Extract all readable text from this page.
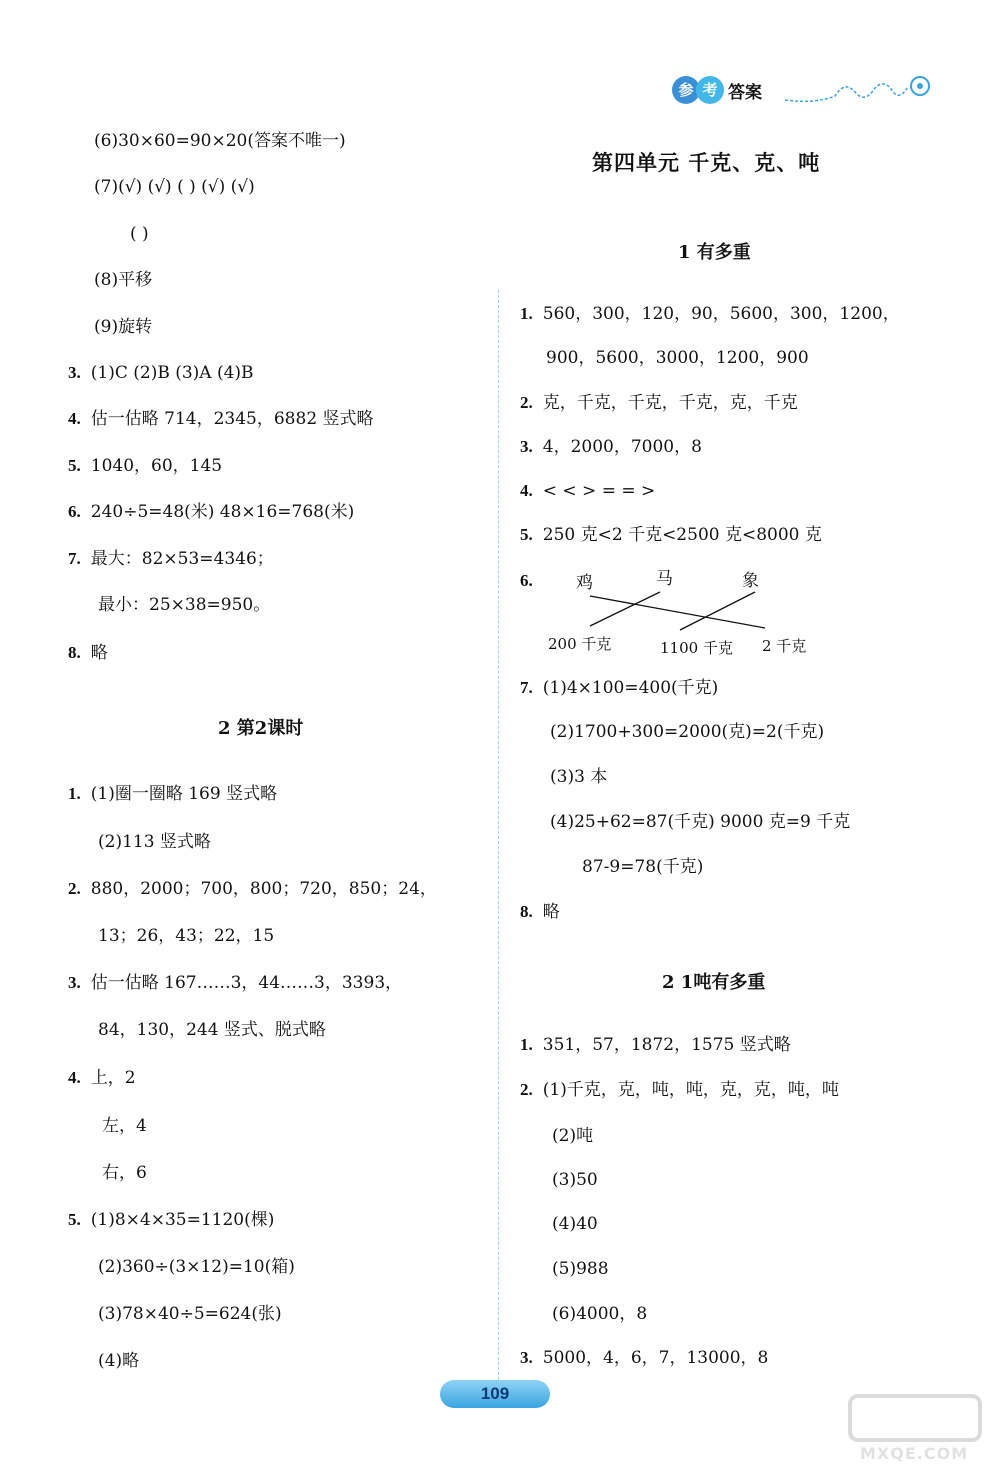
参 考 答案
(6)30×60=90×20(答案不唯一)
(7)(√) (√) ( ) (√) (√)
( )
(8)平移
(9)旋转
3. (1)C (2)B (3)A (4)B
4. 估一估略 714，2345，6882 竖式略
5. 1040，60，145
6. 240÷5=48(米) 48×16=768(米)
7. 最大：82×53=4346；
最小：25×38=950。
8. 略
2 第2课时
1. (1)圈一圈略 169 竖式略
(2)113 竖式略
2. 880，2000；700，800；720，850；24，
13；26，43；22，15
3. 估一估略 167……3，44……3，3393，
84，130，244 竖式、脱式略
4. 上，2
左，4
右，6
5. (1)8×4×35=1120(棵)
(2)360÷(3×12)=10(箱)
(3)78×40÷5=624(张)
(4)略
第四单元 千克、克、吨
1 有多重
1. 560，300，120，90，5600，300，1200，
900，5600，3000，1200，900
2. 克，千克，千克，千克，克，千克
3. 4，2000，7000，8
4. < < > = = >
5. 250 克<2 千克<2500 克<8000 克
6.	鸡	马	象
200 千克	1100 千克 2 千克
7. (1)4×100=400(千克)
(2)1700+300=2000(克)=2(千克)
(3)3 本
(4)25+62=87(千克) 9000 克=9 千克
87-9=78(千克)
8. 略
2 1吨有多重
1. 351，57，1872，1575 竖式略
2. (1)千克，克，吨，吨，克，克，吨，吨
(2)吨
(3)50
(4)40
(5)988
(6)4000，8
3. 5000，4，6，7，13000，8
109
MXQE.COM
